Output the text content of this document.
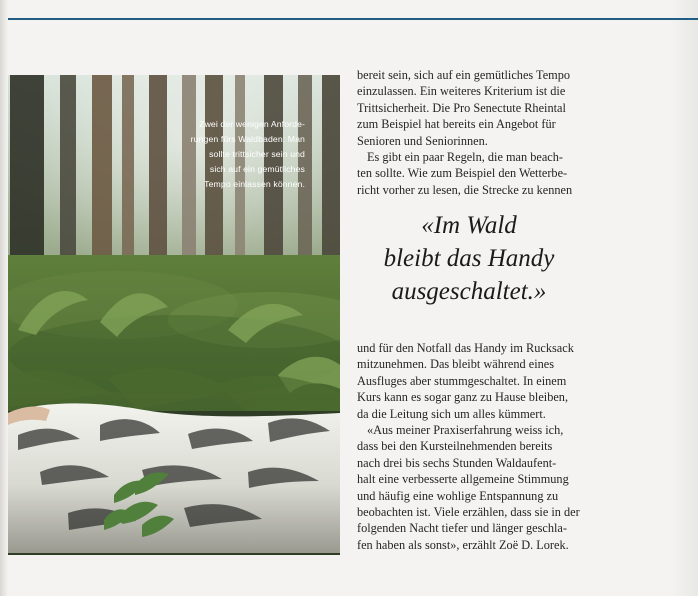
Zwei der wenigen Anforde-
rungen fürs Waldbaden: Man
sollte trittsicher sein und
sich auf ein gemütliches
Tempo einlassen können.
bereit sein, sich auf ein gemütliches Tempo
einzulassen. Ein weiteres Kriterium ist die
Trittsicherheit. Die Pro Senectute Rheintal
zum Beispiel hat bereits ein Angebot für
Senioren und Seniorinnen.
Es gibt ein paar Regeln, die man beach-
ten sollte. Wie zum Beispiel den Wetterbe-
richt vorher zu lesen, die Strecke zu kennen
«Im Wald
bleibt das Handy
ausgeschaltet.»
und für den Notfall das Handy im Rucksack
mitzunehmen. Das bleibt während eines
Ausfluges aber stummgeschaltet. In einem
Kurs kann es sogar ganz zu Hause bleiben,
da die Leitung sich um alles kümmert.
«Aus meiner Praxiserfahrung weiss ich,
dass bei den Kursteilnehmenden bereits
nach drei bis sechs Stunden Waldaufent-
halt eine verbesserte allgemeine Stimmung
und häufig eine wohlige Entspannung zu
beobachten ist. Viele erzählen, dass sie in der
folgenden Nacht tiefer und länger geschla-
fen haben als sonst», erzählt Zoë D. Lorek.
